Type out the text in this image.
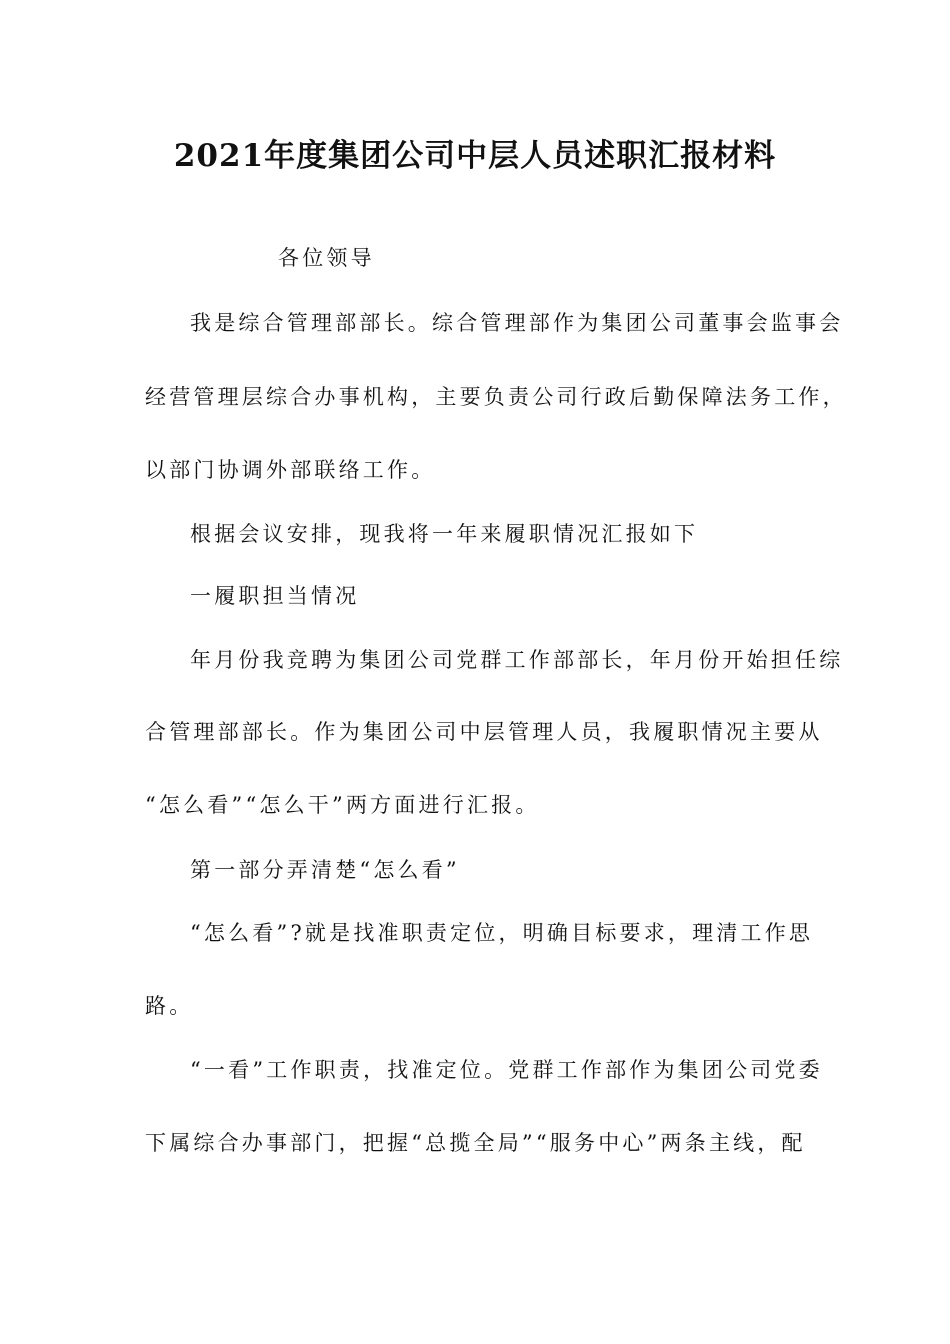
2021年度集团公司中层人员述职汇报材料
各位领导
我是综合管理部部长。综合管理部作为集团公司董事会监事会
经营管理层综合办事机构，主要负责公司行政后勤保障法务工作，
以部门协调外部联络工作。
根据会议安排，现我将一年来履职情况汇报如下
一履职担当情况
年月份我竞聘为集团公司党群工作部部长，年月份开始担任综
合管理部部长。作为集团公司中层管理人员，我履职情况主要从
“怎么看”“怎么干”两方面进行汇报。
第一部分弄清楚“怎么看”
“怎么看”?就是找准职责定位，明确目标要求，理清工作思
路。
“一看”工作职责，找准定位。党群工作部作为集团公司党委
下属综合办事部门，把握“总揽全局”“服务中心”两条主线，配
